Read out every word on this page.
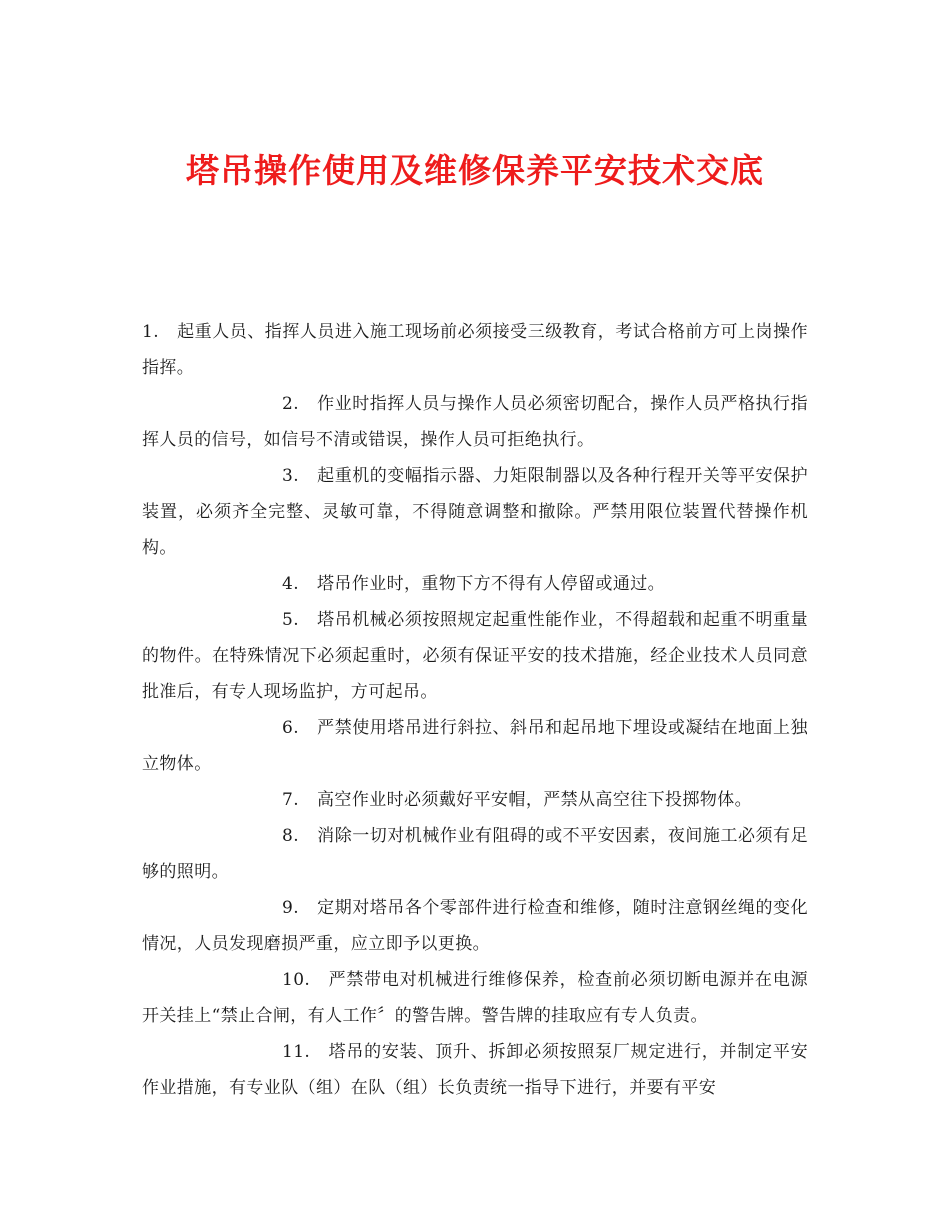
塔吊操作使用及维修保养平安技术交底

1. 起重人员、指挥人员进入施工现场前必须接受三级教育，考试合格前方可上岗操作指挥。

2. 作业时指挥人员与操作人员必须密切配合，操作人员严格执行指挥人员的信号，如信号不清或错误，操作人员可拒绝执行。

3. 起重机的变幅指示器、力矩限制器以及各种行程开关等平安保护装置，必须齐全完整、灵敏可靠，不得随意调整和撤除。严禁用限位装置代替操作机构。

4. 塔吊作业时，重物下方不得有人停留或通过。

5. 塔吊机械必须按照规定起重性能作业，不得超载和起重不明重量的物件。在特殊情况下必须起重时，必须有保证平安的技术措施，经企业技术人员同意批准后，有专人现场监护，方可起吊。

6. 严禁使用塔吊进行斜拉、斜吊和起吊地下埋设或凝结在地面上独立物体。

7. 高空作业时必须戴好平安帽，严禁从高空往下投掷物体。

8. 消除一切对机械作业有阻碍的或不平安因素，夜间施工必须有足够的照明。

9. 定期对塔吊各个零部件进行检查和维修，随时注意钢丝绳的变化情况，人员发现磨损严重，应立即予以更换。

10. 严禁带电对机械进行维修保养，检查前必须切断电源并在电源开关挂上“禁止合闸，有人工作〞的警告牌。警告牌的挂取应有专人负责。

11. 塔吊的安装、顶升、拆卸必须按照泵厂规定进行，并制定平安作业措施，有专业队（组）在队（组）长负责统一指导下进行，并要有平安
